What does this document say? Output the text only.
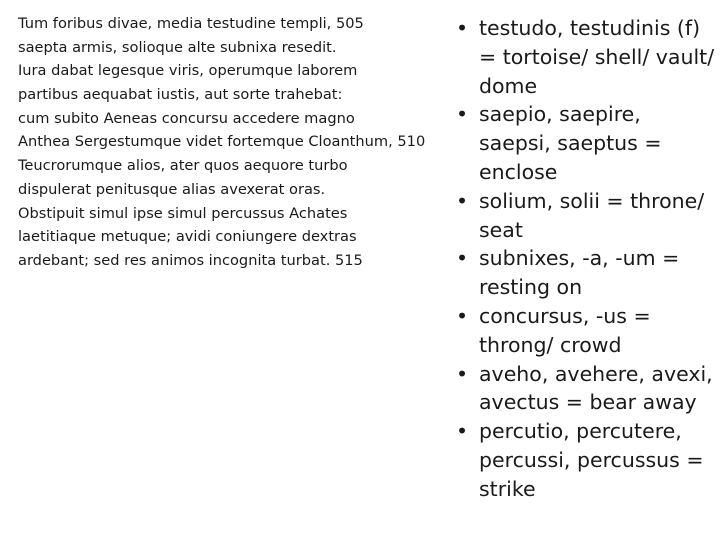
Tum foribus divae, media testudine templi, 505
saepta armis, solioque alte subnixa resedit.
Iura dabat legesque viris, operumque laborem
partibus aequabat iustis, aut sorte trahebat:
cum subito Aeneas concursu accedere magno
Anthea Sergestumque videt fortemque Cloanthum, 510
Teucrorumque alios, ater quos aequore turbo
dispulerat penitusque alias avexerat oras.
Obstipuit simul ipse simul percussus Achates
laetitiaque metuque; avidi coniungere dextras
ardebant; sed res animos incognita turbat. 515
• testudo, testudinis (f) = tortoise/ shell/ vault/ dome
• saepio, saepire, saepsi, saeptus = enclose
• solium, solii = throne/ seat
• subnixes, -a, -um = resting on
• concursus, -us = throng/ crowd
• aveho, avehere, avexi, avectus = bear away
• percutio, percutere, percussi, percussus = strike
